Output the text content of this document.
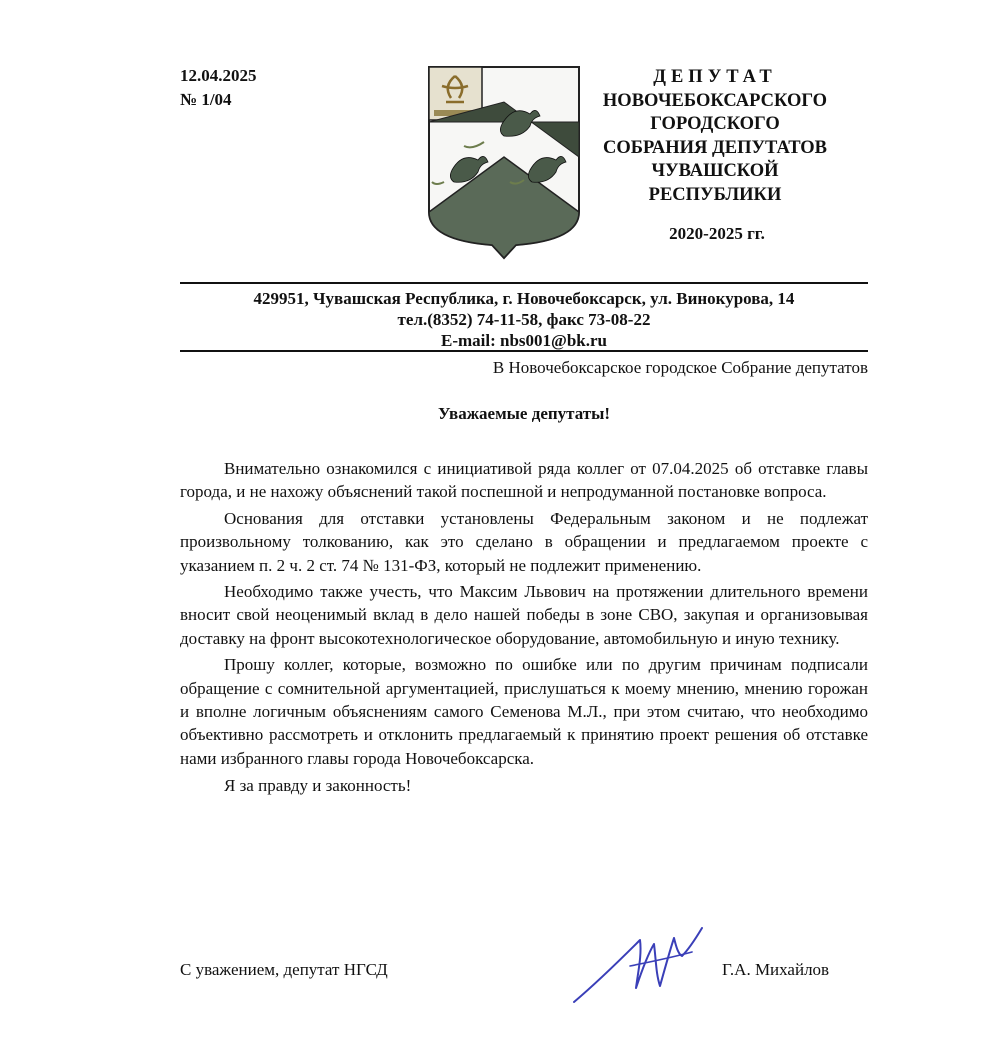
12.04.2025
№ 1/04
ДЕПУТАТ
НОВОЧЕБОКСАРСКОГО
ГОРОДСКОГО
СОБРАНИЯ ДЕПУТАТОВ
ЧУВАШСКОЙ
РЕСПУБЛИКИ
2020-2025 гг.
429951, Чувашская Республика, г. Новочебоксарск, ул. Винокурова, 14
тел.(8352) 74-11-58, факс 73-08-22
E-mail: nbs001@bk.ru
В Новочебоксарское городское Собрание депутатов
Уважаемые депутаты!

Внимательно ознакомился с инициативой ряда коллег от 07.04.2025 об отставке главы города, и не нахожу объяснений такой поспешной и непродуманной постановке вопроса.

Основания для отставки установлены Федеральным законом и не подлежат произвольному толкованию, как это сделано в обращении и предлагаемом проекте с указанием п. 2 ч. 2 ст. 74 № 131-ФЗ, который не подлежит применению.

Необходимо также учесть, что Максим Львович на протяжении длительного времени вносит свой неоценимый вклад в дело нашей победы в зоне СВО, закупая и организовывая доставку на фронт высокотехнологическое оборудование, автомобильную и иную технику.

Прошу коллег, которые, возможно по ошибке или по другим причинам подписали обращение с сомнительной аргументацией, прислушаться к моему мнению, мнению горожан и вполне логичным объяснениям самого Семенова М.Л., при этом считаю, что необходимо объективно рассмотреть и отклонить предлагаемый к принятию проект решения об отставке нами избранного главы города Новочебоксарска.

Я за правду и законность!

С уважением, депутат НГСД	Г.А. Михайлов
